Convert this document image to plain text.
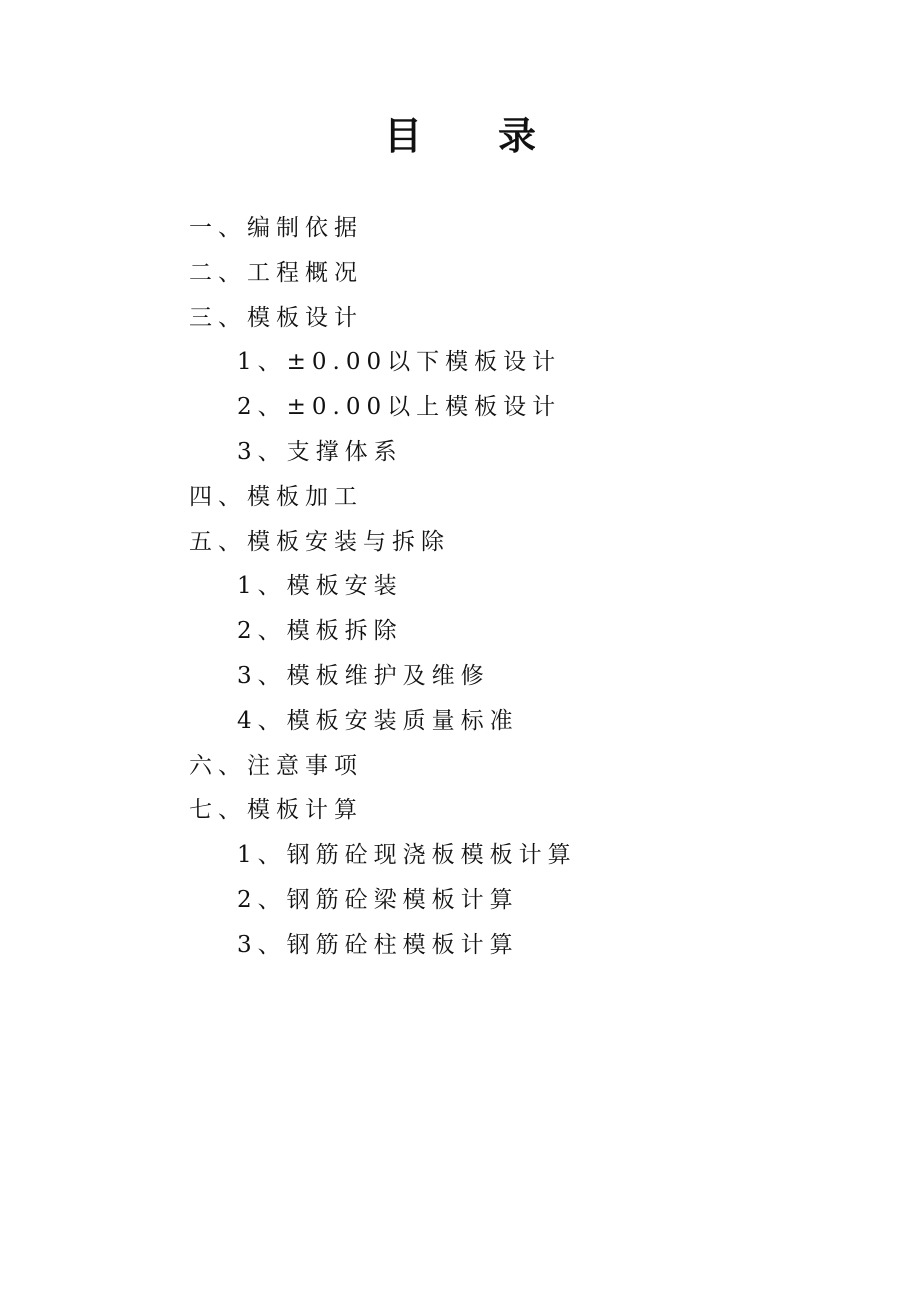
目 录
一、编制依据
二、工程概况
三、模板设计
1、±0.00以下模板设计
2、±0.00以上模板设计
3、支撑体系
四、模板加工
五、模板安装与拆除
1、模板安装
2、模板拆除
3、模板维护及维修
4、模板安装质量标准
六、注意事项
七、模板计算
1、钢筋砼现浇板模板计算
2、钢筋砼梁模板计算
3、钢筋砼柱模板计算
